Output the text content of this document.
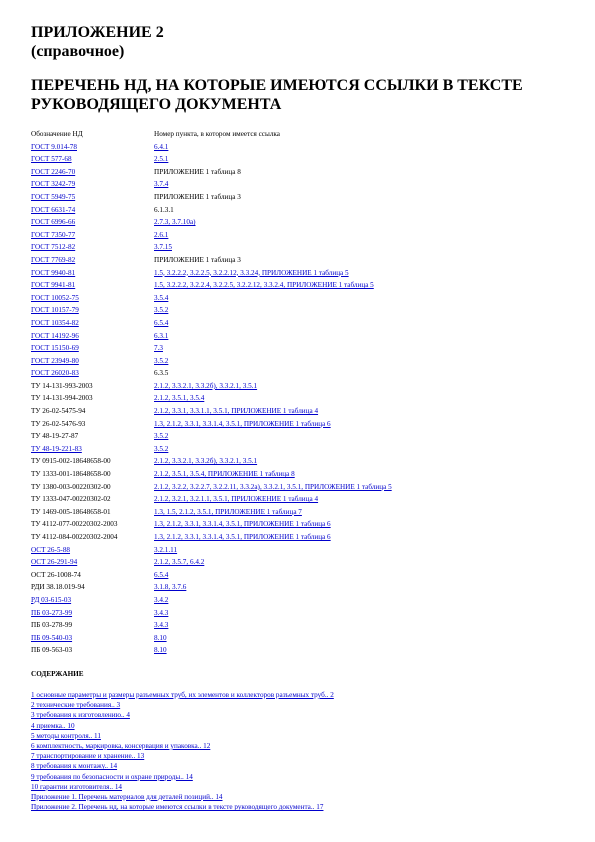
ПРИЛОЖЕНИЕ 2
(справочное)
ПЕРЕЧЕНЬ НД, НА КОТОРЫЕ ИМЕЮТСЯ ССЫЛКИ В ТЕКСТЕ РУКОВОДЯЩЕГО ДОКУМЕНТА
Обозначение НД	Номер пункта, в котором имеется ссылка
ГОСТ 9.014-78	6.4.1
ГОСТ 577-68	2.5.1
ГОСТ 2246-70	ПРИЛОЖЕНИЕ 1 таблица 8
ГОСТ 3242-79	3.7.4
ГОСТ 5949-75	ПРИЛОЖЕНИЕ 1 таблица 3
ГОСТ 6631-74	6.1.3.1
ГОСТ 6996-66	2.7.3, 3.7.10а)
ГОСТ 7350-77	2.6.1
ГОСТ 7512-82	3.7.15
ГОСТ 7769-82	ПРИЛОЖЕНИЕ 1 таблица 3
ГОСТ 9940-81	1.5, 3.2.2.2, 3.2.2.5, 3.2.2.12, 3.3.24, ПРИЛОЖЕНИЕ 1 таблица 5
ГОСТ 9941-81	1.5, 3.2.2.2, 3.2.2.4, 3.2.2.5, 3.2.2.12, 3.3.2.4, ПРИЛОЖЕНИЕ 1 таблица 5
ГОСТ 10052-75	3.5.4
ГОСТ 10157-79	3.5.2
ГОСТ 10354-82	6.5.4
ГОСТ 14192-96	6.3.1
ГОСТ 15150-69	7.3
ГОСТ 23949-80	3.5.2
ГОСТ 26020-83	6.3.5
ТУ 14-131-993-2003	2.1.2, 3.3.2.1, 3.3.2б), 3.3.2.1, 3.5.1
ТУ 14-131-994-2003	2.1.2, 3.5.1, 3.5.4
ТУ 26-02-5475-94	2.1.2, 3.3.1, 3.3.1.1, 3.5.1, ПРИЛОЖЕНИЕ 1 таблица 4
ТУ 26-02-5476-93	1.3, 2.1.2, 3.3.1, 3.3.1.4, 3.5.1, ПРИЛОЖЕНИЕ 1 таблица 6
ТУ 48-19-27-87	3.5.2
ТУ 48-19-221-83	3.5.2
ТУ 0915-002-18648658-00	2.1.2, 3.3.2.1, 3.3.2б), 3.3.2.1, 3.5.1
ТУ 1333-001-18648658-00	2.1.2, 3.5.1, 3.5.4, ПРИЛОЖЕНИЕ 1 таблица 8
ТУ 1380-003-00220302-00	2.1.2, 3.2.2, 3.2.2.7, 3.2.2.11, 3.3.2а), 3.3.2.1, 3.5.1, ПРИЛОЖЕНИЕ 1 таблица 5
ТУ 1333-047-00220302-02	2.1.2, 3.2.1, 3.2.1.1, 3.5.1, ПРИЛОЖЕНИЕ 1 таблица 4
ТУ 1469-005-18648658-01	1.3, 1.5, 2.1.2, 3.5.1, ПРИЛОЖЕНИЕ 1 таблица 7
ТУ 4112-077-00220302-2003	1.3, 2.1.2, 3.3.1, 3.3.1.4, 3.5.1, ПРИЛОЖЕНИЕ 1 таблица 6
ТУ 4112-084-00220302-2004	1.3, 2.1.2, 3.3.1, 3.3.1.4, 3.5.1, ПРИЛОЖЕНИЕ 1 таблица 6
ОСТ 26-5-88	3.2.1.11
ОСТ 26-291-94	2.1.2, 3.5.7, 6.4.2
ОСТ 26-1008-74	6.5.4
РДИ 38.18.019-94	3.1.8, 3.7.6
РД 03-615-03	3.4.2
ПБ 03-273-99	3.4.3
ПБ 03-278-99	3.4.3
ПБ 09-540-03	8.10
ПБ 09-563-03	8.10
СОДЕРЖАНИЕ
1 основные параметры и размеры разъемных труб, их элементов и коллекторов разъемных труб.. 2
2 технические требования.. 3
3 требования к изготовлению.. 4
4 приемка.. 10
5 методы контроля.. 11
6 комплектность, маркировка, консервация и упаковка.. 12
7 транспортирование и хранение.. 13
8 требования к монтажу.. 14
9 требования по безопасности и охране природы.. 14
10 гарантии изготовителя.. 14
Приложение 1. Перечень материалов для деталей позиций.. 14
Приложение 2. Перечень нд, на которые имеются ссылки в тексте руководящего документа.. 17
